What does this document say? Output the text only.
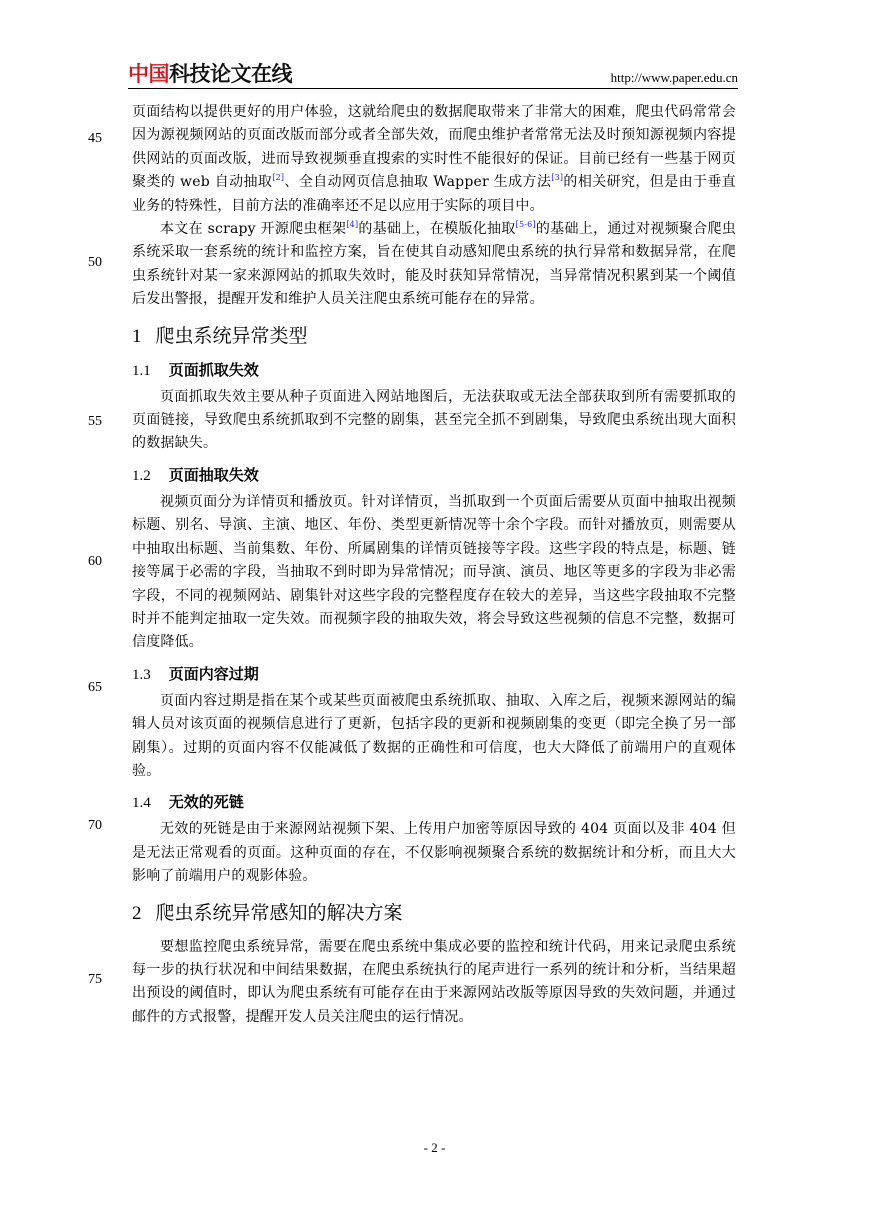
中国科技论文在线	http://www.paper.edu.cn
45
50
55
60
65
70
75

页面结构以提供更好的用户体验，这就给爬虫的数据爬取带来了非常大的困难，爬虫代码常常会因为源视频网站的页面改版而部分或者全部失效，而爬虫维护者常常无法及时预知源视频内容提供网站的页面改版，进而导致视频垂直搜索的实时性不能很好的保证。目前已经有一些基于网页聚类的 web 自动抽取[2]、全自动网页信息抽取 Wapper 生成方法[3]的相关研究，但是由于垂直业务的特殊性，目前方法的准确率还不足以应用于实际的项目中。

本文在 scrapy 开源爬虫框架[4]的基础上，在模版化抽取[5-6]的基础上，通过对视频聚合爬虫系统采取一套系统的统计和监控方案，旨在使其自动感知爬虫系统的执行异常和数据异常，在爬虫系统针对某一家来源网站的抓取失效时，能及时获知异常情况，当异常情况积累到某一个阈值后发出警报，提醒开发和维护人员关注爬虫系统可能存在的异常。

1 爬虫系统异常类型
1.1 页面抓取失效

页面抓取失效主要从种子页面进入网站地图后，无法获取或无法全部获取到所有需要抓取的页面链接，导致爬虫系统抓取到不完整的剧集，甚至完全抓不到剧集，导致爬虫系统出现大面积的数据缺失。

1.2 页面抽取失效

视频页面分为详情页和播放页。针对详情页，当抓取到一个页面后需要从页面中抽取出视频标题、别名、导演、主演、地区、年份、类型更新情况等十余个字段。而针对播放页，则需要从中抽取出标题、当前集数、年份、所属剧集的详情页链接等字段。这些字段的特点是，标题、链接等属于必需的字段，当抽取不到时即为异常情况；而导演、演员、地区等更多的字段为非必需字段，不同的视频网站、剧集针对这些字段的完整程度存在较大的差异，当这些字段抽取不完整时并不能判定抽取一定失效。而视频字段的抽取失效，将会导致这些视频的信息不完整，数据可信度降低。

1.3 页面内容过期

页面内容过期是指在某个或某些页面被爬虫系统抓取、抽取、入库之后，视频来源网站的编辑人员对该页面的视频信息进行了更新，包括字段的更新和视频剧集的变更（即完全换了另一部剧集）。过期的页面内容不仅能减低了数据的正确性和可信度，也大大降低了前端用户的直观体验。

1.4 无效的死链

无效的死链是由于来源网站视频下架、上传用户加密等原因导致的 404 页面以及非 404 但是无法正常观看的页面。这种页面的存在，不仅影响视频聚合系统的数据统计和分析，而且大大影响了前端用户的观影体验。

2 爬虫系统异常感知的解决方案

要想监控爬虫系统异常，需要在爬虫系统中集成必要的监控和统计代码，用来记录爬虫系统每一步的执行状况和中间结果数据，在爬虫系统执行的尾声进行一系列的统计和分析，当结果超出预设的阈值时，即认为爬虫系统有可能存在由于来源网站改版等原因导致的失效问题，并通过邮件的方式报警，提醒开发人员关注爬虫的运行情况。

- 2 -
